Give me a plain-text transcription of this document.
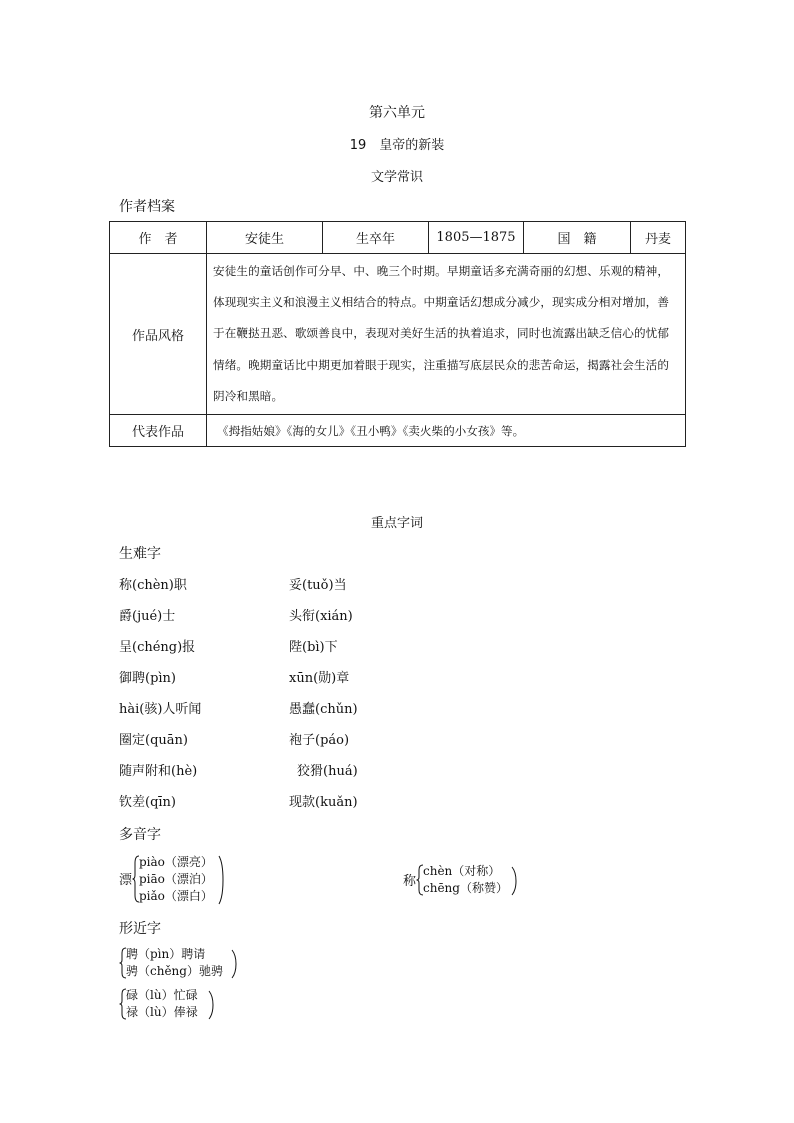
第六单元
19　皇帝的新装
文学常识
作者档案
作　者	安徒生	生卒年	1805—1875	国　籍	丹麦
作品风格	安徒生的童话创作可分早、中、晚三个时期。早期童话多充满奇丽的幻想、乐观的精神，体现现实主义和浪漫主义相结合的特点。中期童话幻想成分减少，现实成分相对增加，善于在鞭挞丑恶、歌颂善良中，表现对美好生活的执着追求，同时也流露出缺乏信心的忧郁情绪。晚期童话比中期更加着眼于现实，注重描写底层民众的悲苦命运，揭露社会生活的阴冷和黑暗。				
代表作品	《拇指姑娘》《海的女儿》《丑小鸭》《卖火柴的小女孩》等。				
重点字词
生难字
称(chèn)职	妥(tuǒ)当
爵(jué)士	头衔(xián)
呈(chéng)报	陛(bì)下
御聘(pìn)	xūn(勋)章
hài(骇)人听闻	愚蠢(chǔn)
圈定(quān)	袍子(páo)
随声附和(hè)	狡猾(huá)
钦差(qīn)	现款(kuǎn)
多音字
漂
piào（漂亮）
piāo（漂泊）
piǎo（漂白）
称
chèn（对称）
chēng（称赞）
形近字
聘（pìn）聘请
骋（chěng）驰骋
碌（lù）忙碌
禄（lù）俸禄
